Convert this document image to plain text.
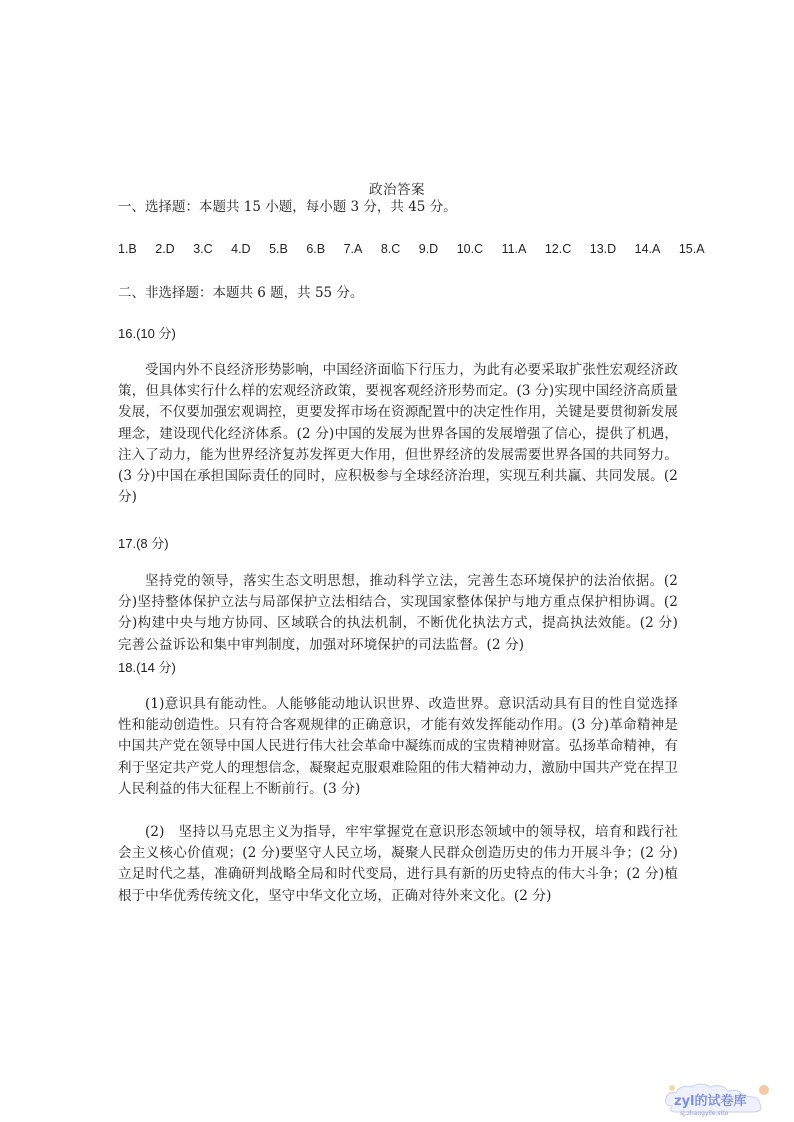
政治答案
一、选择题：本题共 15 小题，每小题 3 分，共 45 分。
1.B 2.D 3.C 4.D 5.B 6.B 7.A 8.C 9.D 10.C 11.A 12.C 13.D 14.A 15.A
二、非选择题：本题共 6 题，共 55 分。
16.(10 分)
受国内外不良经济形势影响，中国经济面临下行压力，为此有必要采取扩张性宏观经济政策，但具体实行什么样的宏观经济政策，要视客观经济形势而定。(3 分)实现中国经济高质量发展，不仅要加强宏观调控，更要发挥市场在资源配置中的决定性作用，关键是要贯彻新发展理念，建设现代化经济体系。(2 分)中国的发展为世界各国的发展增强了信心，提供了机遇，注入了动力，能为世界经济复苏发挥更大作用，但世界经济的发展需要世界各国的共同努力。(3 分)中国在承担国际责任的同时，应积极参与全球经济治理，实现互利共赢、共同发展。(2 分)
17.(8 分)
坚持党的领导，落实生态文明思想，推动科学立法，完善生态环境保护的法治依据。(2 分)坚持整体保护立法与局部保护立法相结合，实现国家整体保护与地方重点保护相协调。(2 分)构建中央与地方协同、区域联合的执法机制，不断优化执法方式，提高执法效能。(2 分)完善公益诉讼和集中审判制度，加强对环境保护的司法监督。(2 分)
18.(14 分)
(1)意识具有能动性。人能够能动地认识世界、改造世界。意识活动具有目的性自觉选择性和能动创造性。只有符合客观规律的正确意识，才能有效发挥能动作用。(3 分)革命精神是中国共产党在领导中国人民进行伟大社会革命中凝练而成的宝贵精神财富。弘扬革命精神，有利于坚定共产党人的理想信念，凝聚起克服艰难险阻的伟大精神动力，激励中国共产党在捍卫人民利益的伟大征程上不断前行。(3 分)
(2)　坚持以马克思主义为指导，牢牢掌握党在意识形态领域中的领导权，培育和践行社会主义核心价值观；(2 分)要坚守人民立场，凝聚人民群众创造历史的伟力开展斗争；(2 分)立足时代之基，准确研判战略全局和时代变局，进行具有新的历史特点的伟大斗争；(2 分)植根于中华优秀传统文化，坚守中华文化立场，正确对待外来文化。(2 分)
zyl的试卷库
sj.zhangyile.site
